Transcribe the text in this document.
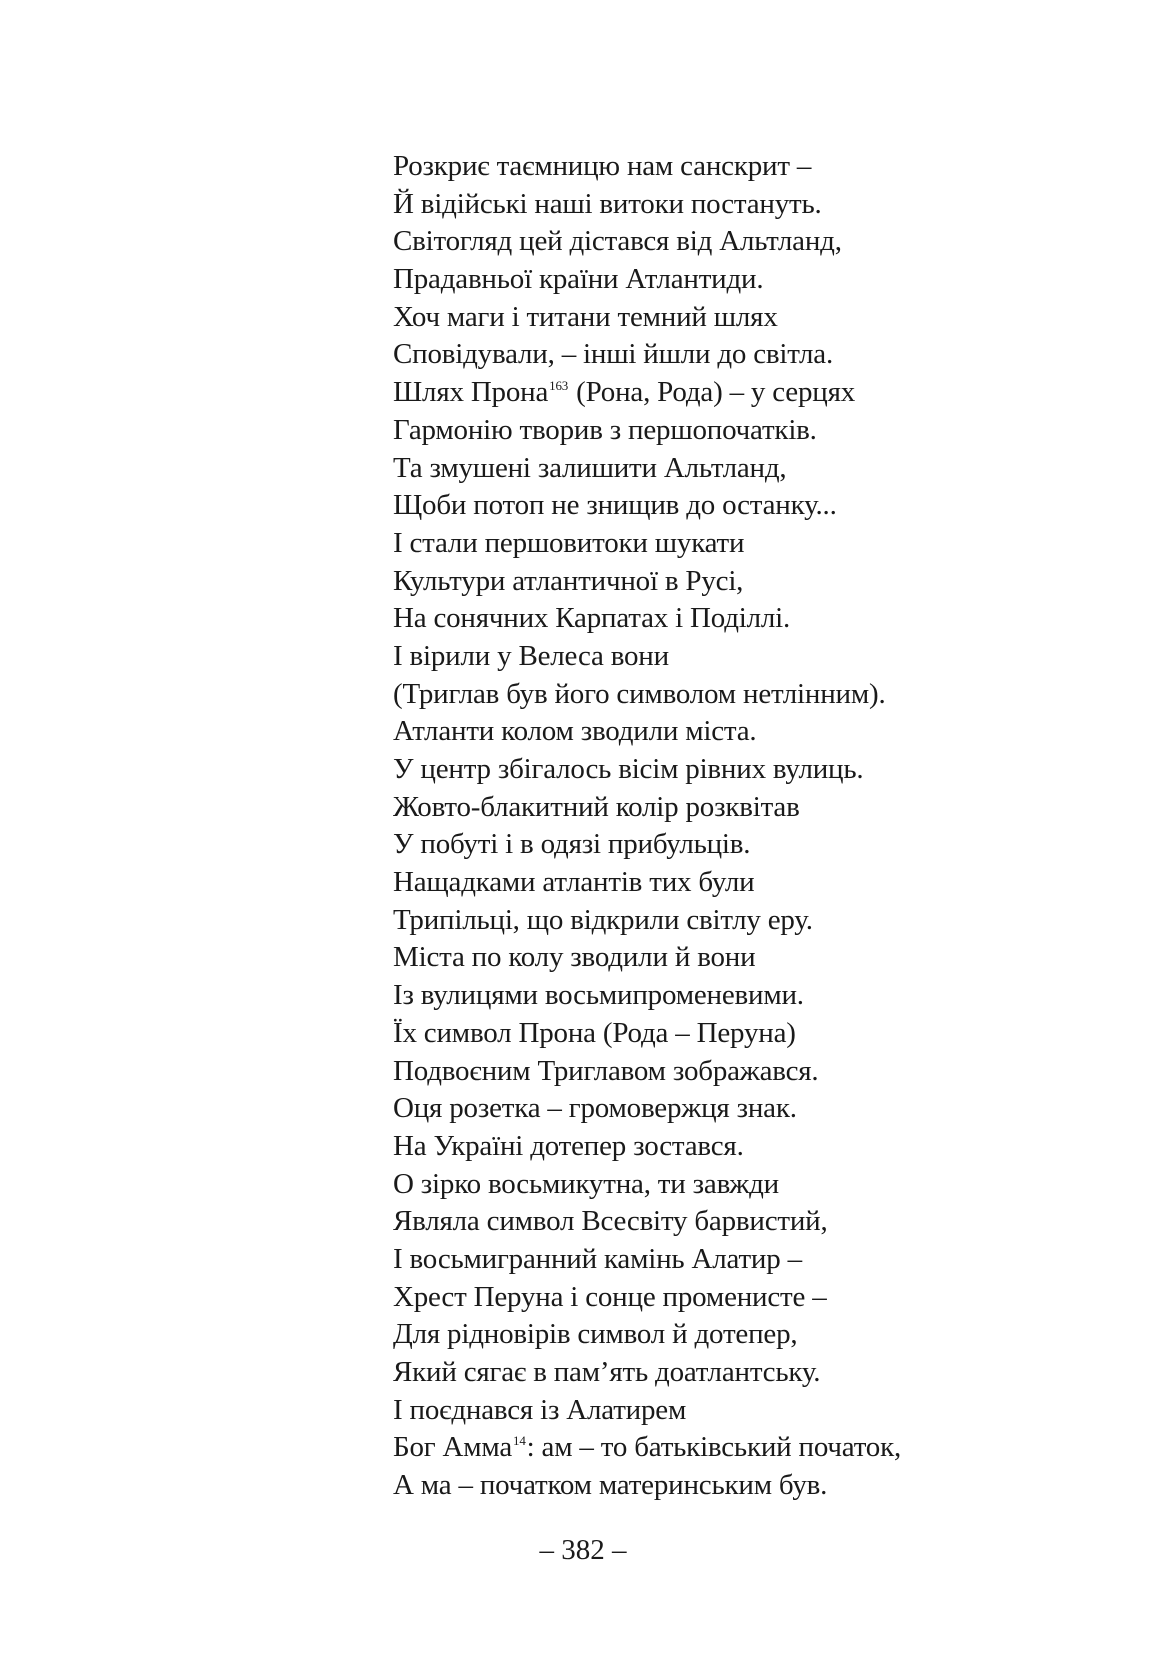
Розкриє таємницю нам санскрит –
Й відійські наші витоки постануть.
Світогляд цей дістався від Альтланд,
Прадавньої країни Атлантиди.
Хоч маги і титани темний шлях
Сповідували, – інші йшли до світла.
Шлях Прона$^{163}$ (Рона, Рода) – у серцях
Гармонію творив з першопочатків.
Та змушені залишити Альтланд,
Щоби потоп не знищив до останку...
І стали першовитоки шукати
Культури атлантичної в Русі,
На сонячних Карпатах і Поділлі.
І вірили у Велеса вони
(Триглав був його символом нетлінним).
Атланти колом зводили міста.
У центр збігалось вісім рівних вулиць.
Жовто-блакитний колір розквітав
У побуті і в одязі прибульців.
Нащадками атлантів тих були
Трипільці, що відкрили світлу еру.
Міста по колу зводили й вони
Із вулицями восьмипроменевими.
Їх символ Прона (Рода – Перуна)
Подвоєним Триглавом зображався.
Оця розетка – громовержця знак.
На Україні дотепер зостався.
О зірко восьмикутна, ти завжди
Являла символ Всесвіту барвистий,
І восьмигранний камінь Алатир –
Хрест Перуна і сонце променисте –
Для рідновірів символ й дотепер,
Який сягає в пам’ять доатлантську.
І поєднався із Алатирем
Бог Амма$^{14}$: ам – то батьківський початок,
А ма – початком материнським був.
– 382 –
